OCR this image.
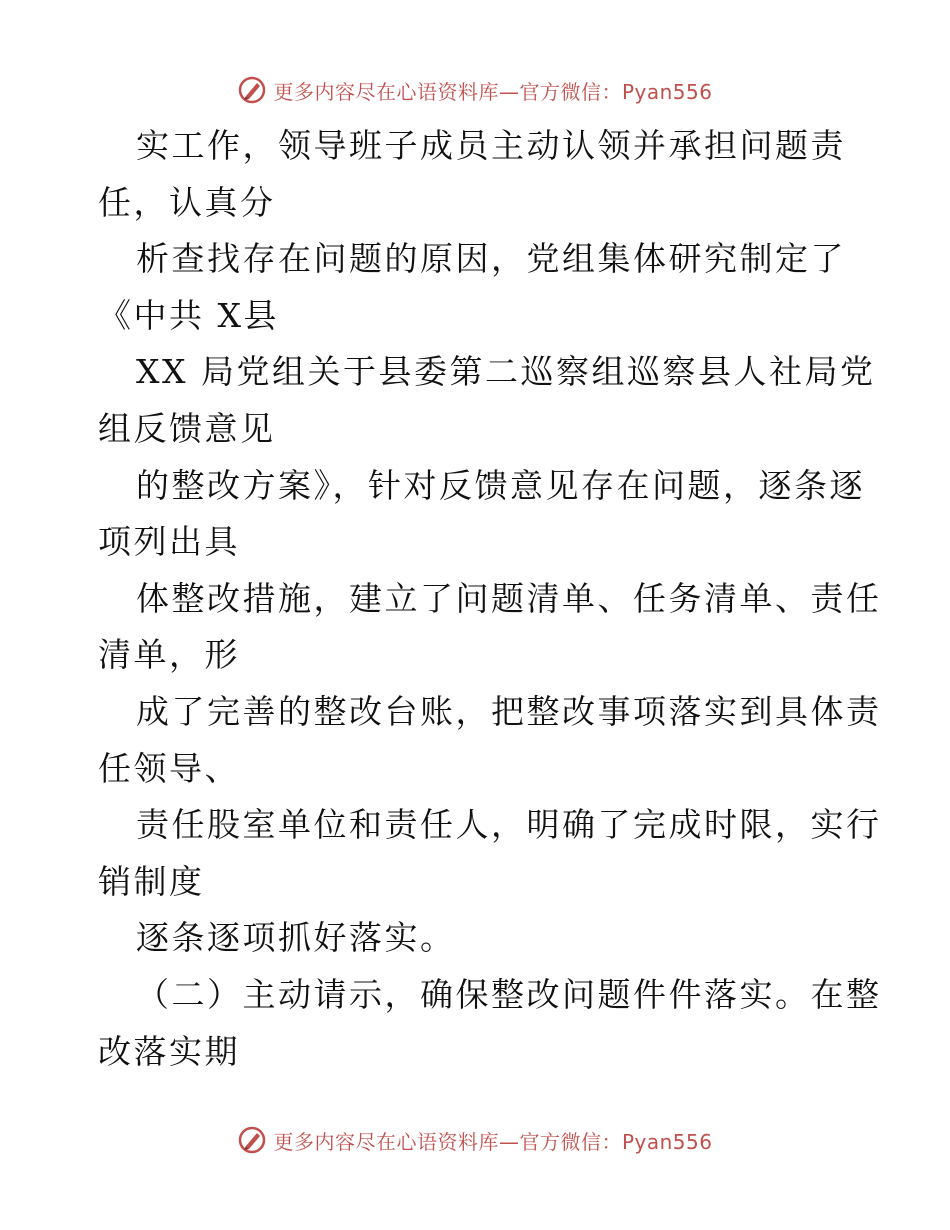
更多内容尽在心语资料库—官方微信：Pyan556
实工作，领导班子成员主动认领并承担问题责
任，认真分
析查找存在问题的原因，党组集体研究制定了
《中共 X县
XX 局党组关于县委第二巡察组巡察县人社局党
组反馈意见
的整改方案》，针对反馈意见存在问题，逐条逐
项列出具
体整改措施，建立了问题清单、任务清单、责任
清单，形
成了完善的整改台账，把整改事项落实到具体责
任领导、
责任股室单位和责任人，明确了完成时限，实行
销制度
逐条逐项抓好落实。
（二）主动请示，确保整改问题件件落实。在整
改落实期
更多内容尽在心语资料库—官方微信：Pyan556
